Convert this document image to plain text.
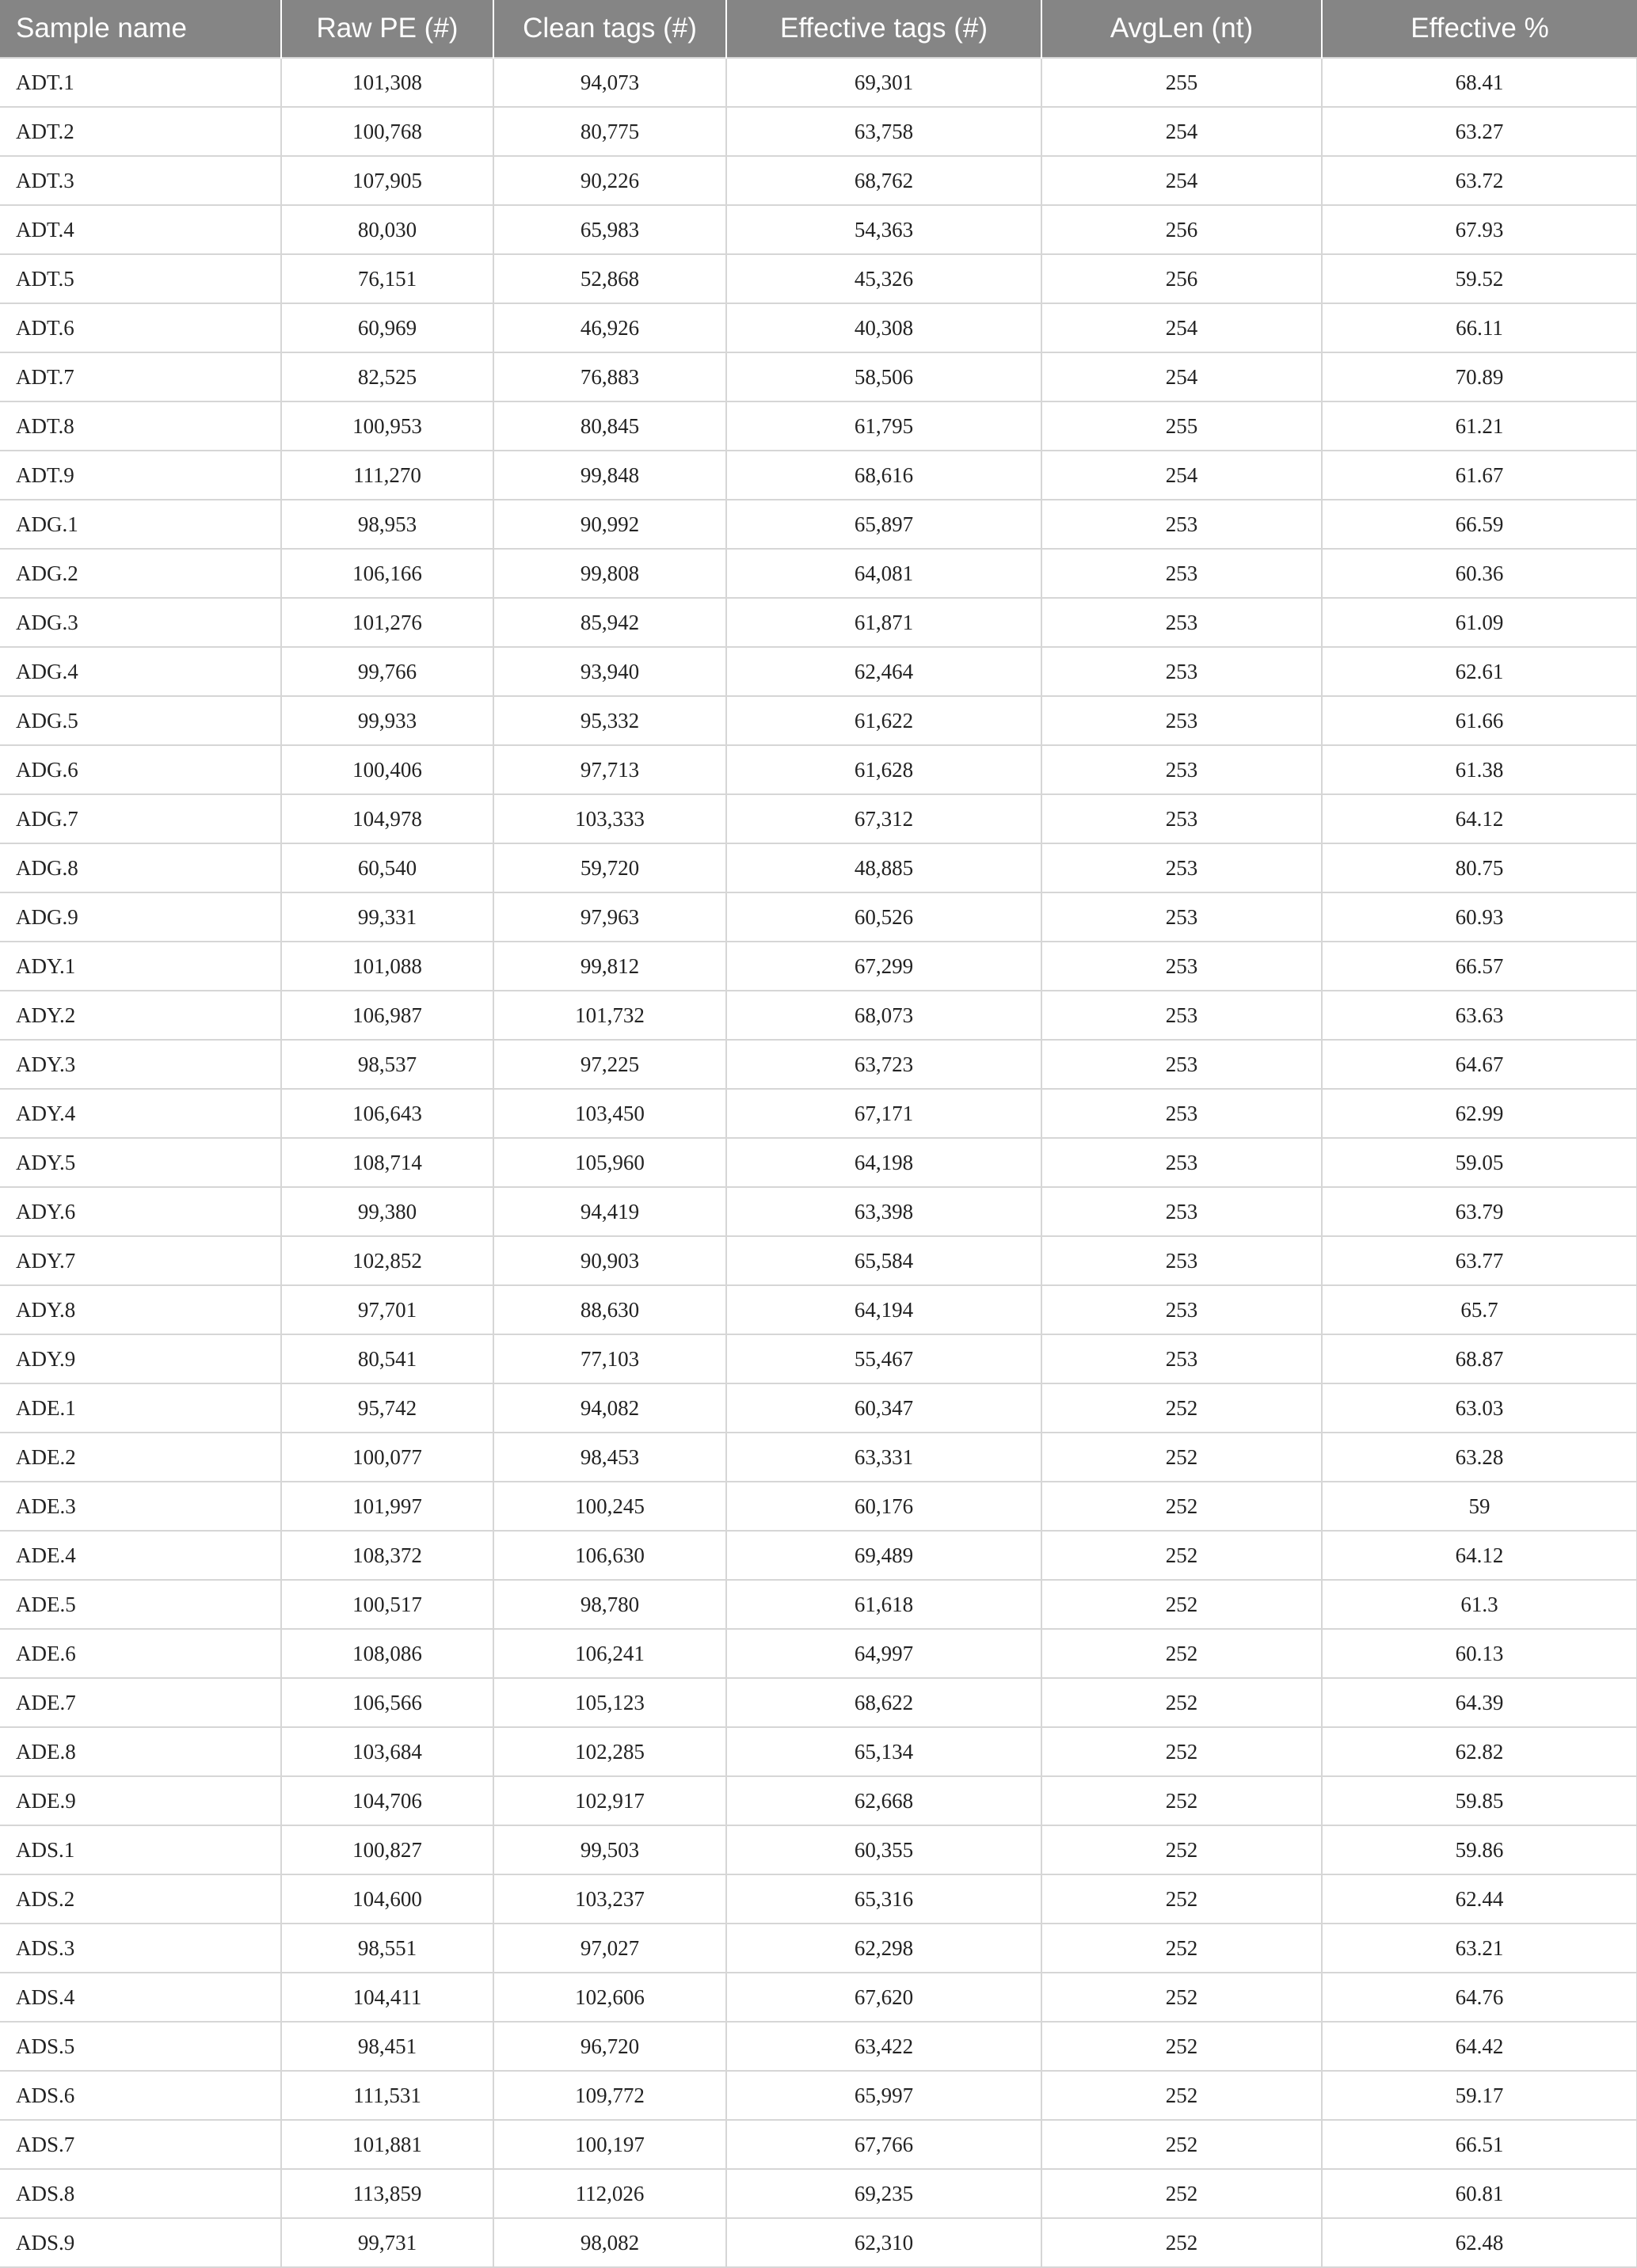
Sample name	Raw PE (#)	Clean tags (#)	Effective tags (#)	AvgLen (nt)	Effective %
ADT.1	101,308	94,073	69,301	255	68.41
ADT.2	100,768	80,775	63,758	254	63.27
ADT.3	107,905	90,226	68,762	254	63.72
ADT.4	80,030	65,983	54,363	256	67.93
ADT.5	76,151	52,868	45,326	256	59.52
ADT.6	60,969	46,926	40,308	254	66.11
ADT.7	82,525	76,883	58,506	254	70.89
ADT.8	100,953	80,845	61,795	255	61.21
ADT.9	111,270	99,848	68,616	254	61.67
ADG.1	98,953	90,992	65,897	253	66.59
ADG.2	106,166	99,808	64,081	253	60.36
ADG.3	101,276	85,942	61,871	253	61.09
ADG.4	99,766	93,940	62,464	253	62.61
ADG.5	99,933	95,332	61,622	253	61.66
ADG.6	100,406	97,713	61,628	253	61.38
ADG.7	104,978	103,333	67,312	253	64.12
ADG.8	60,540	59,720	48,885	253	80.75
ADG.9	99,331	97,963	60,526	253	60.93
ADY.1	101,088	99,812	67,299	253	66.57
ADY.2	106,987	101,732	68,073	253	63.63
ADY.3	98,537	97,225	63,723	253	64.67
ADY.4	106,643	103,450	67,171	253	62.99
ADY.5	108,714	105,960	64,198	253	59.05
ADY.6	99,380	94,419	63,398	253	63.79
ADY.7	102,852	90,903	65,584	253	63.77
ADY.8	97,701	88,630	64,194	253	65.7
ADY.9	80,541	77,103	55,467	253	68.87
ADE.1	95,742	94,082	60,347	252	63.03
ADE.2	100,077	98,453	63,331	252	63.28
ADE.3	101,997	100,245	60,176	252	59
ADE.4	108,372	106,630	69,489	252	64.12
ADE.5	100,517	98,780	61,618	252	61.3
ADE.6	108,086	106,241	64,997	252	60.13
ADE.7	106,566	105,123	68,622	252	64.39
ADE.8	103,684	102,285	65,134	252	62.82
ADE.9	104,706	102,917	62,668	252	59.85
ADS.1	100,827	99,503	60,355	252	59.86
ADS.2	104,600	103,237	65,316	252	62.44
ADS.3	98,551	97,027	62,298	252	63.21
ADS.4	104,411	102,606	67,620	252	64.76
ADS.5	98,451	96,720	63,422	252	64.42
ADS.6	111,531	109,772	65,997	252	59.17
ADS.7	101,881	100,197	67,766	252	66.51
ADS.8	113,859	112,026	69,235	252	60.81
ADS.9	99,731	98,082	62,310	252	62.48
